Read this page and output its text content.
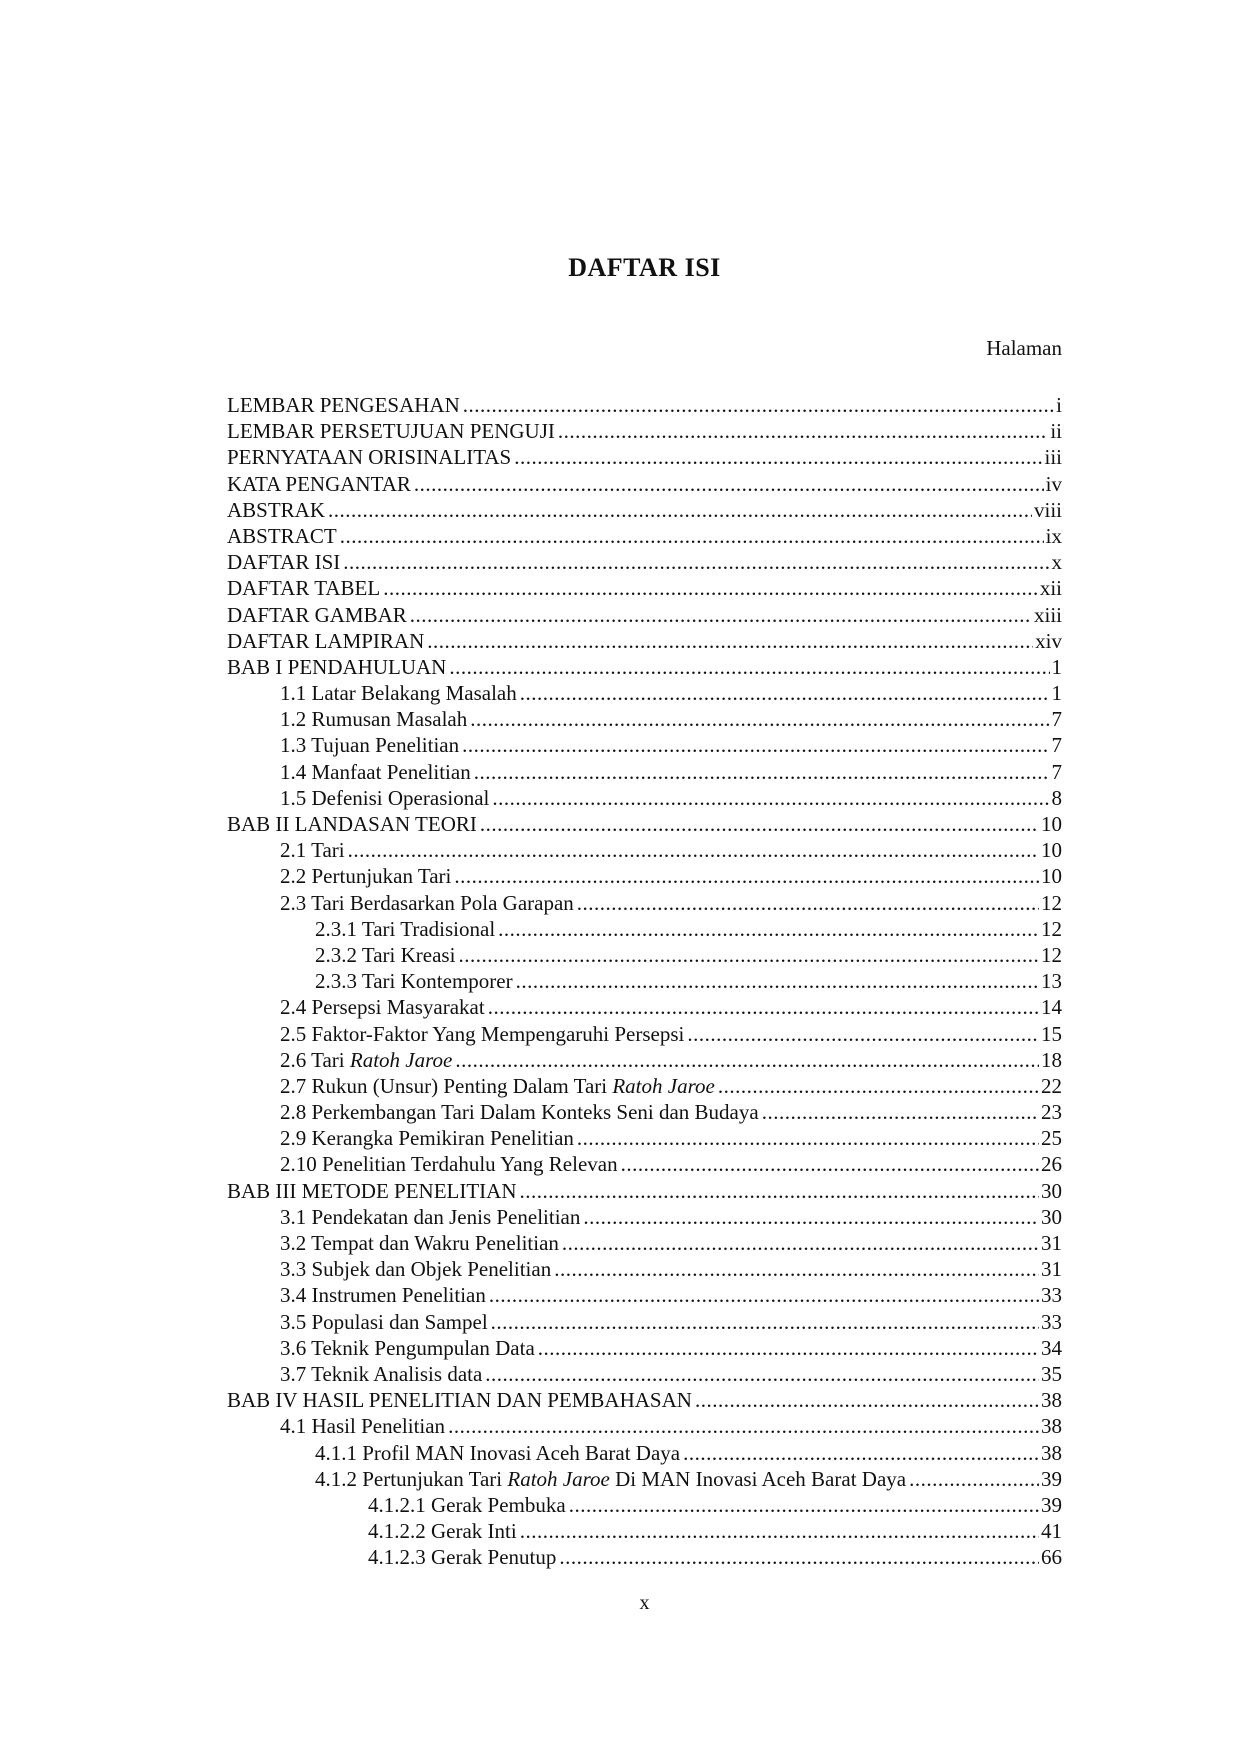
DAFTAR ISI
Halaman
LEMBAR PENGESAHAN .....	i
LEMBAR PERSETUJUAN PENGUJI .....	ii
PERNYATAAN ORISINALITAS .....	iii
KATA PENGANTAR .....	iv
ABSTRAK .....	viii
ABSTRACT .....	ix
DAFTAR ISI .....	x
DAFTAR TABEL .....	xii
DAFTAR GAMBAR .....	xiii
DAFTAR LAMPIRAN .....	xiv
BAB I PENDAHULUAN .....	1
1.1 Latar Belakang Masalah .....	1
1.2 Rumusan Masalah .....	7
1.3 Tujuan Penelitian .....	7
1.4 Manfaat Penelitian .....	7
1.5 Defenisi Operasional .....	8
BAB II LANDASAN TEORI .....	10
2.1 Tari .....	10
2.2 Pertunjukan Tari .....	10
2.3 Tari Berdasarkan Pola Garapan .....	12
2.3.1 Tari Tradisional .....	12
2.3.2 Tari Kreasi .....	12
2.3.3 Tari Kontemporer .....	13
2.4 Persepsi Masyarakat .....	14
2.5 Faktor-Faktor Yang Mempengaruhi Persepsi .....	15
2.6 Tari Ratoh Jaroe .....	18
2.7 Rukun (Unsur) Penting Dalam Tari Ratoh Jaroe .....	22
2.8 Perkembangan Tari Dalam Konteks Seni dan Budaya .....	23
2.9 Kerangka Pemikiran Penelitian .....	25
2.10 Penelitian Terdahulu Yang Relevan .....	26
BAB III METODE PENELITIAN .....	30
3.1 Pendekatan dan Jenis Penelitian .....	30
3.2 Tempat dan Wakru Penelitian .....	31
3.3 Subjek dan Objek Penelitian .....	31
3.4 Instrumen Penelitian .....	33
3.5 Populasi dan Sampel .....	33
3.6 Teknik Pengumpulan Data .....	34
3.7 Teknik Analisis data .....	35
BAB IV HASIL PENELITIAN DAN PEMBAHASAN .....	38
4.1 Hasil Penelitian .....	38
4.1.1 Profil MAN Inovasi Aceh Barat Daya .....	38
4.1.2 Pertunjukan Tari Ratoh Jaroe Di MAN Inovasi Aceh Barat Daya .....	39
4.1.2.1 Gerak Pembuka .....	39
4.1.2.2 Gerak Inti .....	41
4.1.2.3 Gerak Penutup .....	66
x
